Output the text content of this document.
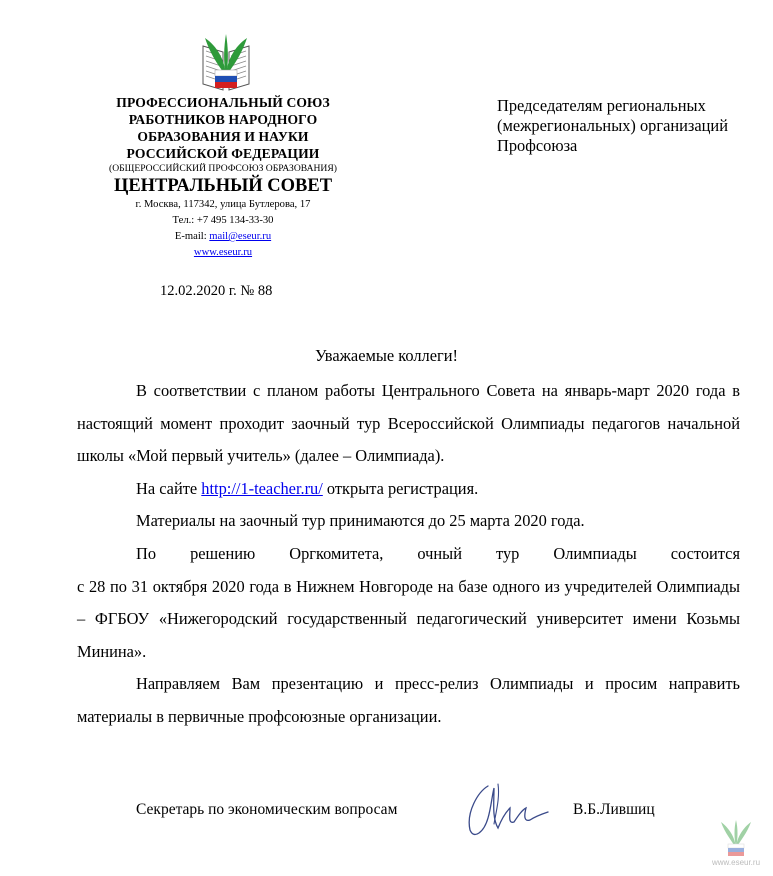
ПРОФЕССИОНАЛЬНЫЙ СОЮЗ
РАБОТНИКОВ НАРОДНОГО
ОБРАЗОВАНИЯ И НАУКИ
РОССИЙСКОЙ ФЕДЕРАЦИИ
(ОБЩЕРОССИЙСКИЙ ПРОФСОЮЗ ОБРАЗОВАНИЯ)
ЦЕНТРАЛЬНЫЙ СОВЕТ
г. Москва, 117342, улица Бутлерова, 17
Тел.: +7 495 134-33-30
E-mail: mail@eseur.ru
www.eseur.ru
12.02.2020 г. № 88
Председателям региональных
(межрегиональных) организаций
Профсоюза
Уважаемые коллеги!

В соответствии с планом работы Центрального Совета на январь-март 2020 года в настоящий момент проходит заочный тур Всероссийской Олимпиады педагогов начальной школы «Мой первый учитель» (далее – Олимпиада).

На сайте http://1-teacher.ru/ открыта регистрация.

Материалы на заочный тур принимаются до 25 марта 2020 года.

По решению Оргкомитета, очный тур Олимпиады состоится

с 28 по 31 октября 2020 года в Нижнем Новгороде на базе одного из учредителей Олимпиады – ФГБОУ «Нижегородский государственный педагогический университет имени Козьмы Минина».

Направляем Вам презентацию и пресс-релиз Олимпиады и просим направить материалы в первичные профсоюзные организации.

Секретарь по экономическим вопросам	В.Б.Лившиц
www.eseur.ru
